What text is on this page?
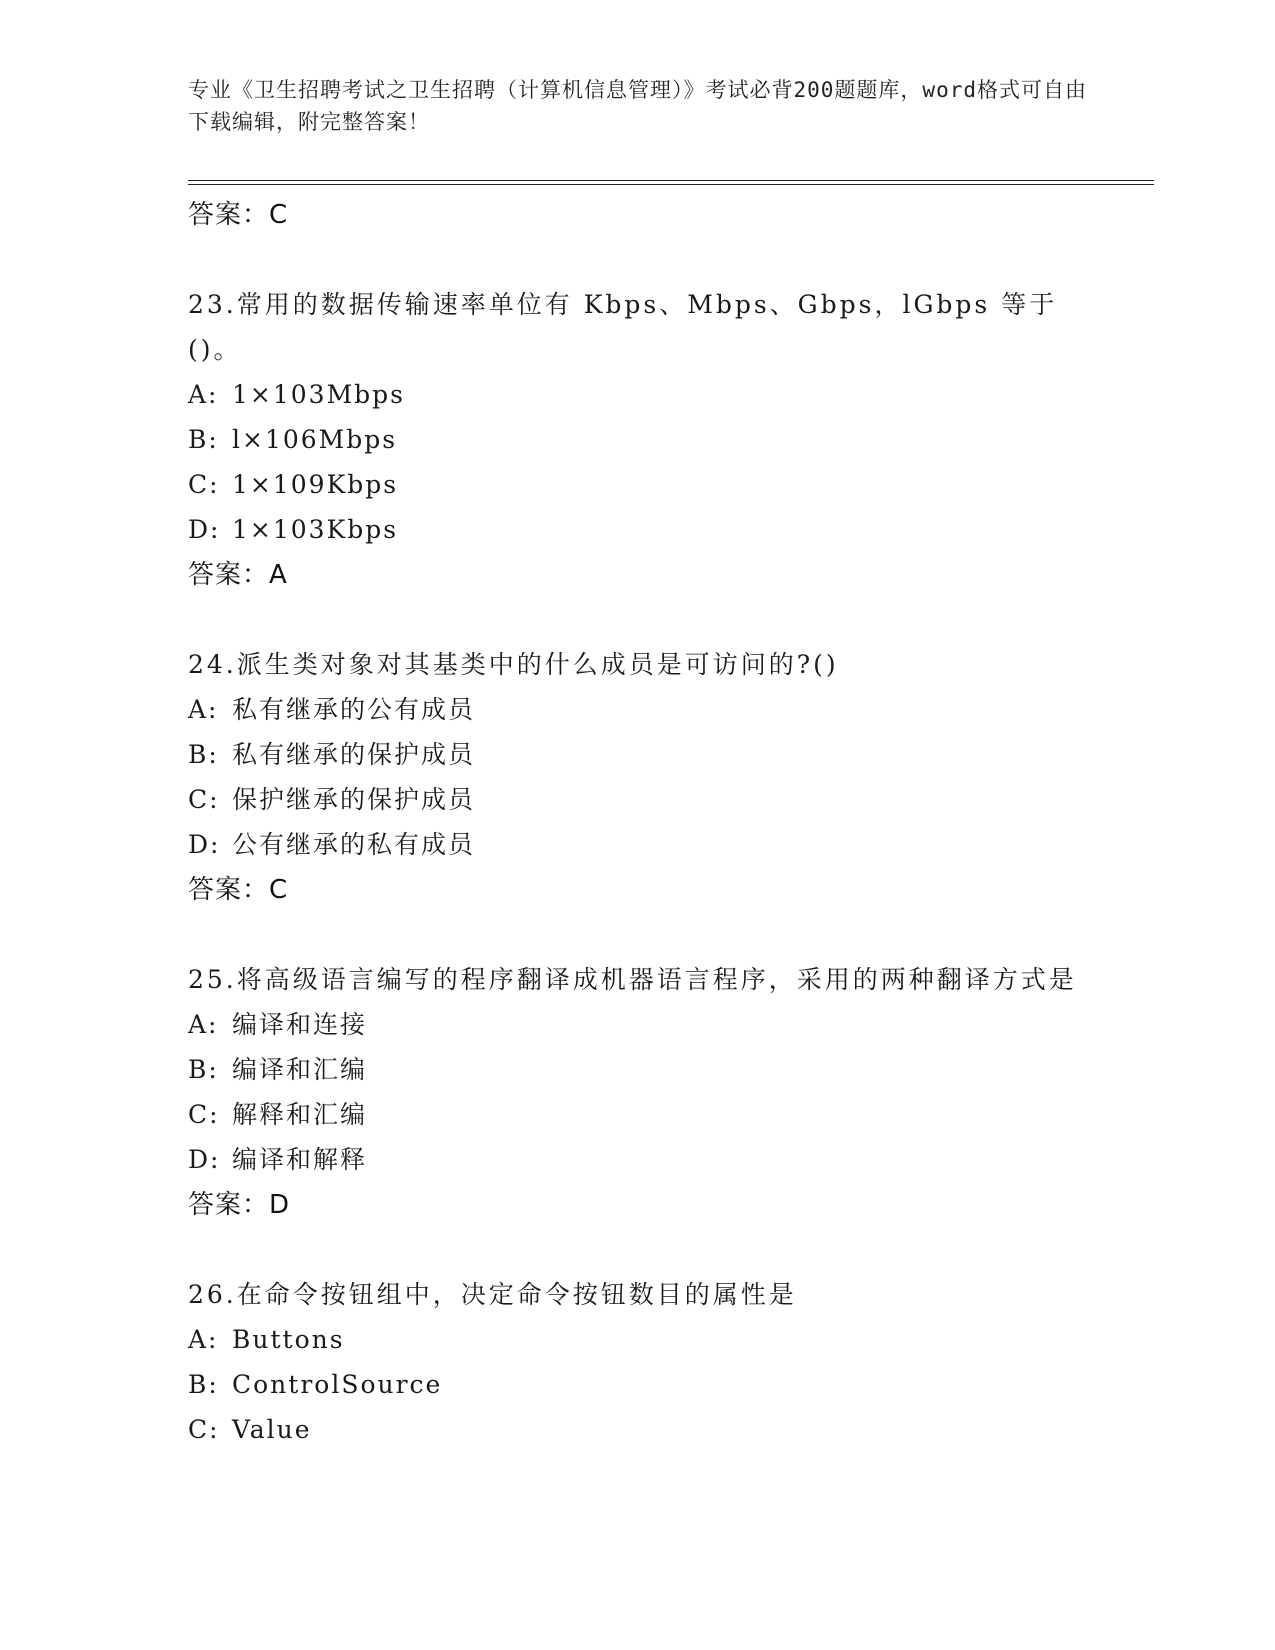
专业《卫生招聘考试之卫生招聘（计算机信息管理）》考试必背200题题库，word格式可自由下载编辑，附完整答案！
答案：C
23.常用的数据传输速率单位有 Kbps、Mbps、Gbps，lGbps 等于()。
A: 1×103Mbps
B: l×106Mbps
C: 1×109Kbps
D: 1×103Kbps
答案：A
24.派生类对象对其基类中的什么成员是可访问的?()
A: 私有继承的公有成员
B: 私有继承的保护成员
C: 保护继承的保护成员
D: 公有继承的私有成员
答案：C
25.将高级语言编写的程序翻译成机器语言程序，采用的两种翻译方式是
A: 编译和连接
B: 编译和汇编
C: 解释和汇编
D: 编译和解释
答案：D
26.在命令按钮组中，决定命令按钮数目的属性是
A: Buttons
B: ControlSource
C: Value
